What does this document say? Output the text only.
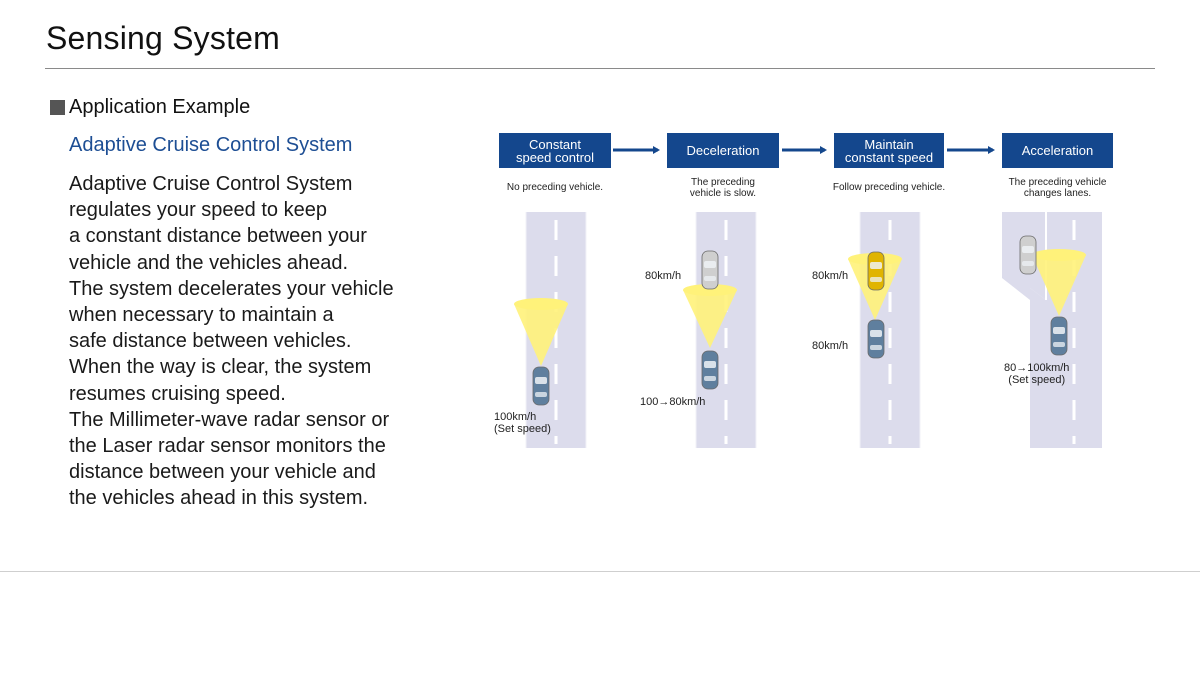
Sensing System
Application Example
Adaptive Cruise Control System

Adaptive Cruise Control System
regulates your speed to keep
a constant distance between your
vehicle and the vehicles ahead.
The system decelerates your vehicle
when necessary to maintain a
safe distance between vehicles.
When the way is clear, the system
resumes cruising speed.
The Millimeter-wave radar sensor or
the Laser radar sensor monitors the
distance between your vehicle and
the vehicles ahead in this system.

Constant
speed control
No preceding vehicle.
Deceleration
The preceding
vehicle is slow.
Maintain
constant speed
Follow preceding vehicle.
Acceleration
The preceding vehicle
changes lanes.
100km/h
(Set speed)
80km/h
100→80km/h
80km/h
80km/h
80→100km/h
(Set speed)
